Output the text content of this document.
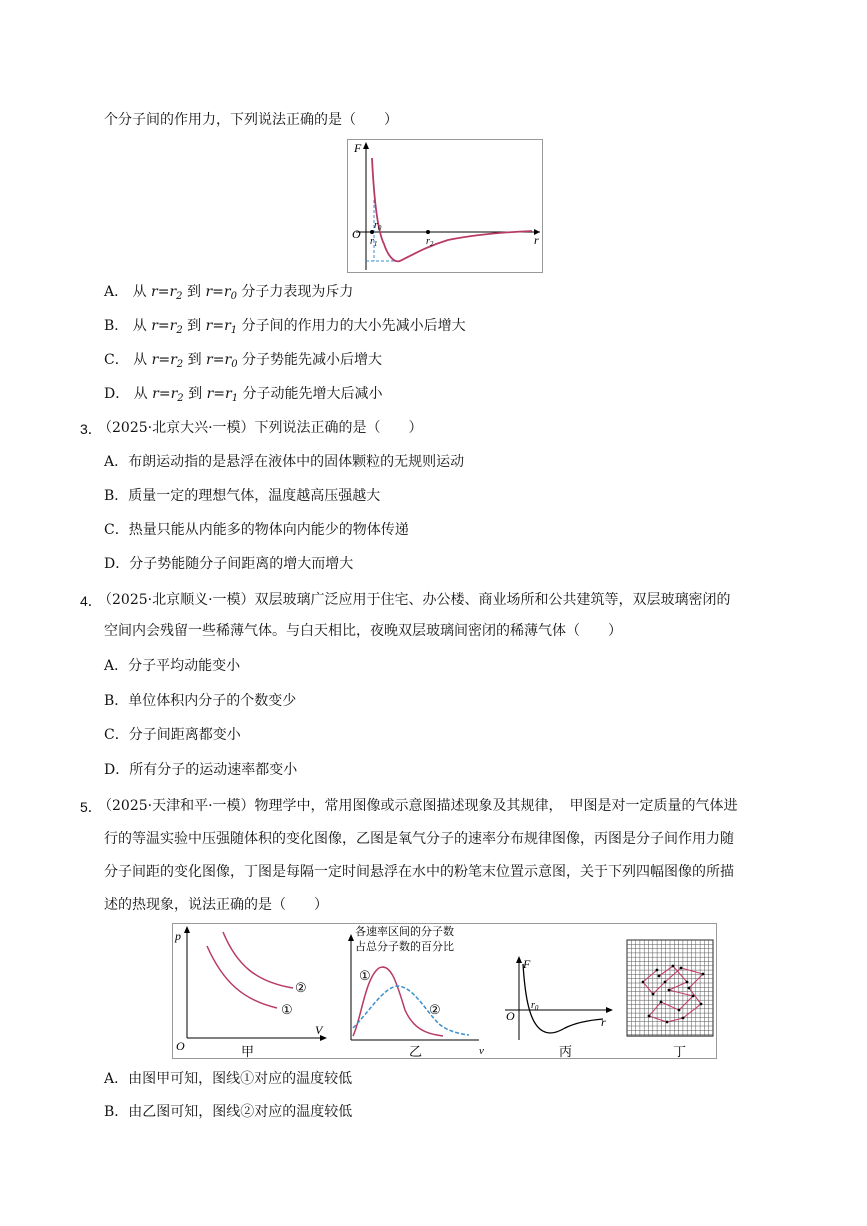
个分子间的作用力，下列说法正确的是（　　）
F
r
O
$r_0$
$r_1$	$r_2$
A． 从 $r=r_2$ 到 $r=r_0$ 分子力表现为斥力
B． 从 $r=r_2$ 到 $r=r_1$ 分子间的作用力的大小先减小后增大
C． 从 $r=r_2$ 到 $r=r_0$ 分子势能先减小后增大
D． 从 $r=r_2$ 到 $r=r_1$ 分子动能先增大后减小
3．
（2025·北京大兴·一模）下列说法正确的是（　　）
A．布朗运动指的是悬浮在液体中的固体颗粒的无规则运动
B．质量一定的理想气体，温度越高压强越大
C．热量只能从内能多的物体向内能少的物体传递
D．分子势能随分子间距离的增大而增大
4．
（2025·北京顺义·一模）双层玻璃广泛应用于住宅、办公楼、商业场所和公共建筑等，双层玻璃密闭的
空间内会残留一些稀薄气体。与白天相比，夜晚双层玻璃间密闭的稀薄气体（　　）
A．分子平均动能变小
B．单位体积内分子的个数变少
C．分子间距离都变小
D．所有分子的运动速率都变小
5．
（2025·天津和平·一模）物理学中，常用图像或示意图描述现象及其规律，　甲图是对一定质量的气体进
行的等温实验中压强随体积的变化图像，乙图是氧气分子的速率分布规律图像，丙图是分子间作用力随
分子间距的变化图像，丁图是每隔一定时间悬浮在水中的粉笔末位置示意图，关于下列四幅图像的所描
述的热现象，说法正确的是（　　）
p
V
O
②
①
甲
各速率区间的分子数
占总分子数的百分比
①
②
v
乙
F
r
O
$r_0$
丙	丁
A．由图甲可知，图线①对应的温度较低
B．由乙图可知，图线②对应的温度较低
